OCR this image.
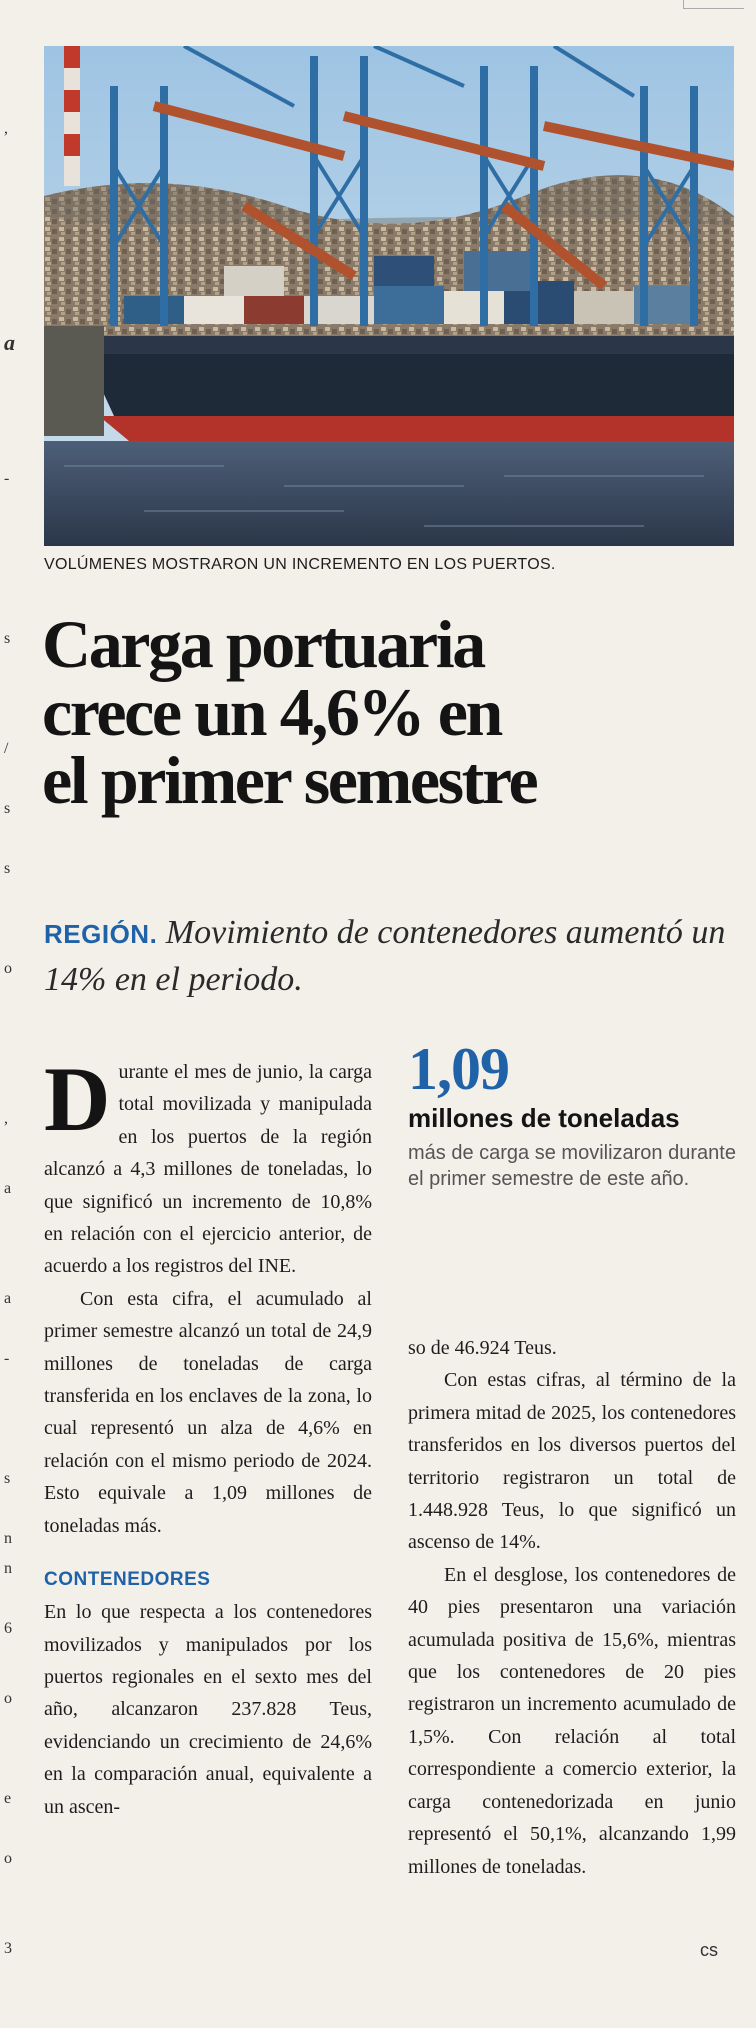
,
a
-
s
/
s
s
o
,
a
a
-
s
n
n
6
o
e
o
3
VOLÚMENES MOSTRARON UN INCREMENTO EN LOS PUERTOS.
Carga portuaria
crece un 4,6% en
el primer semestre
REGIÓN. Movimiento de contenedores aumentó un 14% en el periodo.

Durante el mes de junio, la carga total movilizada y manipulada en los puertos de la región alcanzó a 4,3 millones de toneladas, lo que significó un incremento de 10,8% en relación con el ejercicio anterior, de acuerdo a los registros del INE.

Con esta cifra, el acumulado al primer semestre alcanzó un total de 24,9 millones de toneladas de carga transferida en los enclaves de la zona, lo cual representó un alza de 4,6% en relación con el mismo periodo de 2024. Esto equivale a 1,09 millones de toneladas más.

CONTENEDORES

En lo que respecta a los contenedores movilizados y manipulados por los puertos regionales en el sexto mes del año, alcanzaron 237.828 Teus, evidenciando un crecimiento de 24,6% en la comparación anual, equivalente a un ascen-

1,09
millones de toneladas
más de carga se movilizaron durante el primer semestre de este año.

so de 46.924 Teus.

Con estas cifras, al término de la primera mitad de 2025, los contenedores transferidos en los diversos puertos del territorio registraron un total de 1.448.928 Teus, lo que significó un ascenso de 14%.

En el desglose, los contenedores de 40 pies presentaron una variación acumulada positiva de 15,6%, mientras que los contenedores de 20 pies registraron un incremento acumulado de 1,5%. Con relación al total correspondiente a comercio exterior, la carga contenedorizada en junio representó el 50,1%, alcanzando 1,99 millones de toneladas.

cs
